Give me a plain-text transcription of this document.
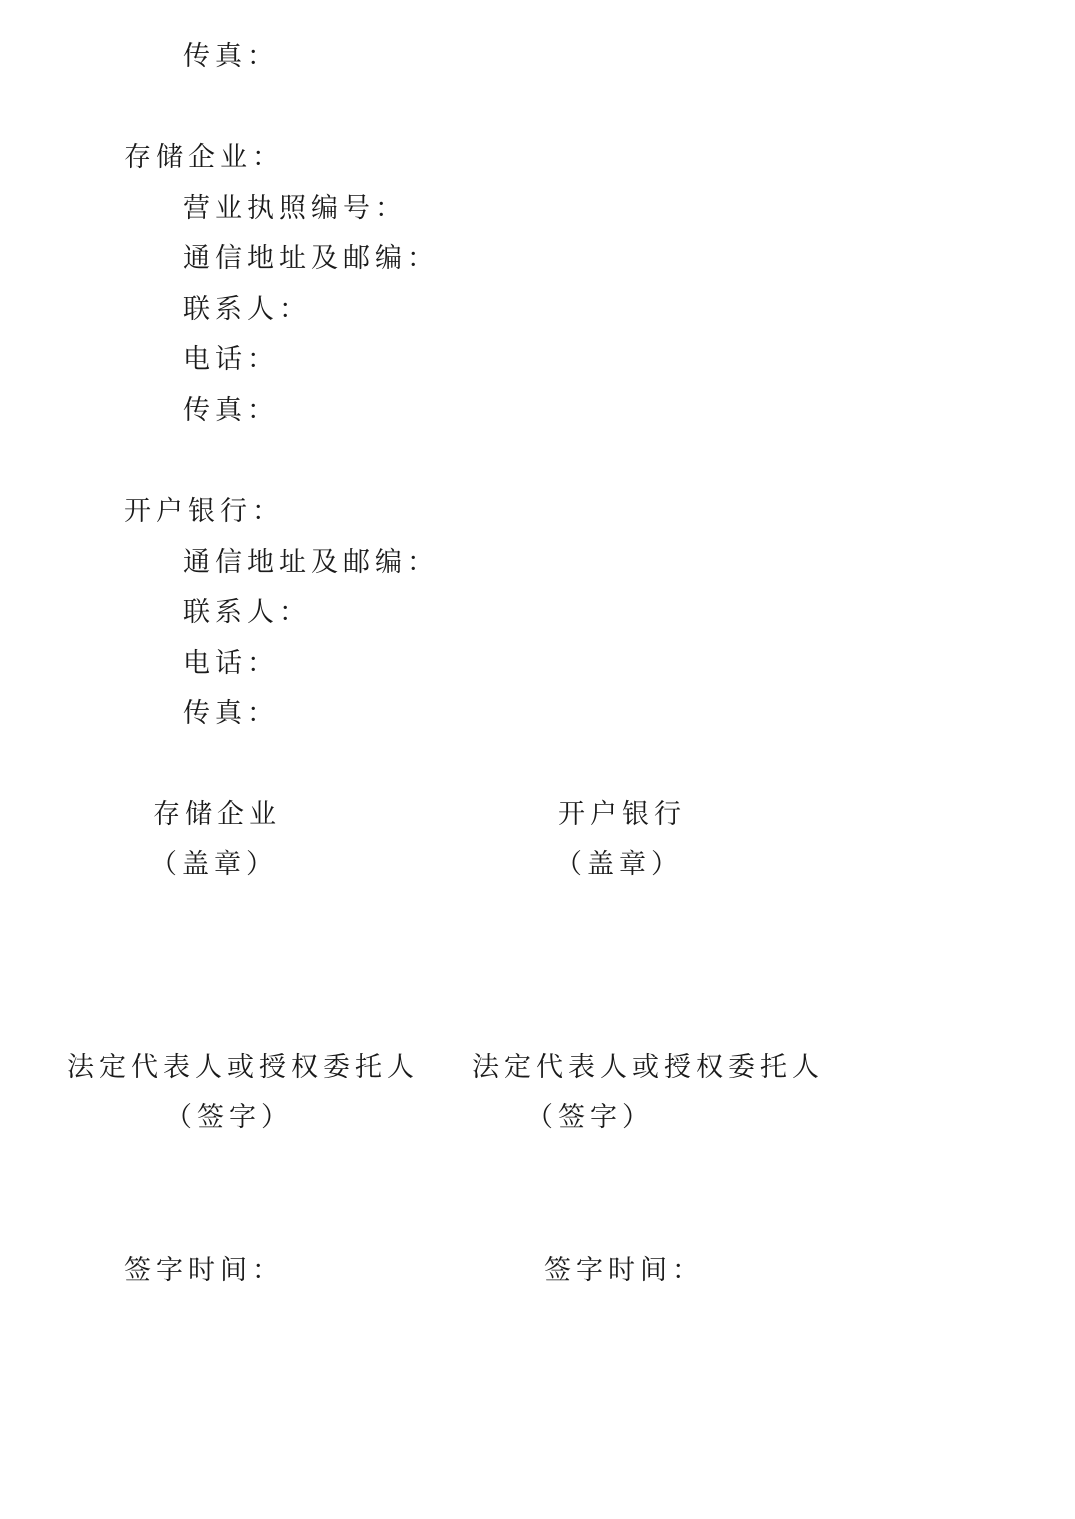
传真：
存储企业：
营业执照编号：
通信地址及邮编：
联系人：
电话：
传真：
开户银行：
通信地址及邮编：
联系人：
电话：
传真：
存储企业
（盖章）
开户银行
（盖章）
法定代表人或授权委托人
（签字）
法定代表人或授权委托人
（签字）
签字时间：	签字时间：
